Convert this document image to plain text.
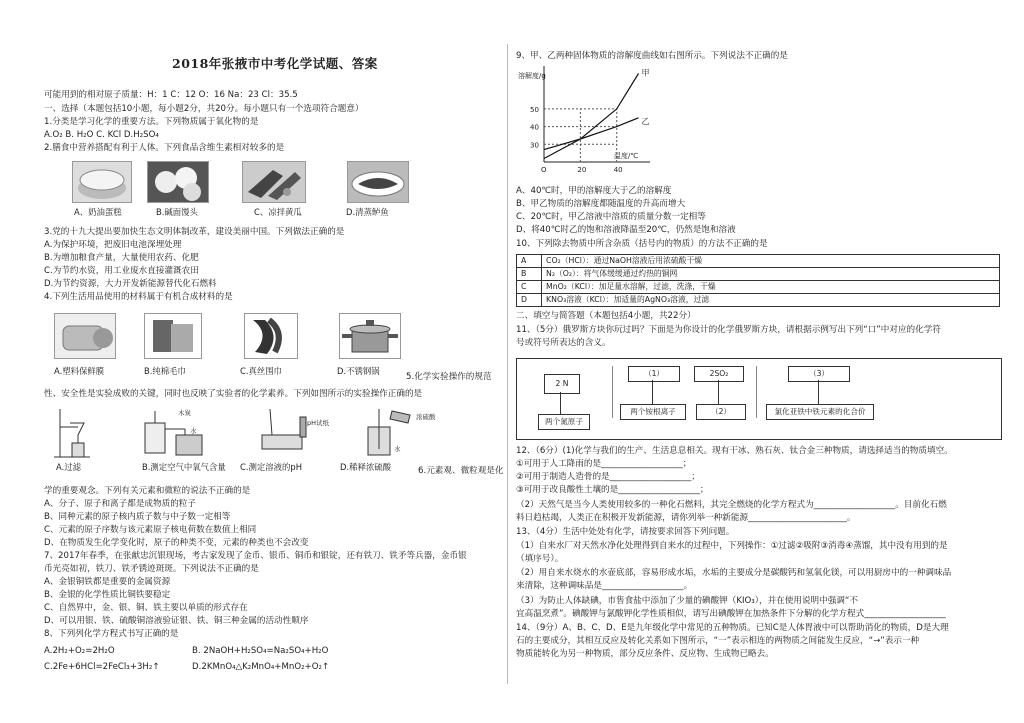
2018年张掖市中考化学试题、答案
可能用到的相对原子质量：H：1 C：12 O：16 Na：23 Cl：35.5
一、选择（本题包括10小题，每小题2分，共20分。每小题只有一个选项符合题意）
1.分类是学习化学的重要方法。下列物质属于氧化物的是
A.O₂ B. H₂O C. KCl D.H₂SO₄
2.膳食中营养搭配有利于人体。下列食品含维生素相对较多的是
A、奶油蛋糕	B.碱面馒头	C、凉拌黄瓜	D.清蒸鲈鱼
3.党的十九大提出要加快生态文明体制改革，建设美丽中国。下列做法正确的是
A.为保护环境，把废旧电池深埋处理
B.为增加粮食产量，大量使用农药、化肥
C.为节约水资，用工业废水直接灌溉农田
D.为节约资源，大力开发新能源替代化石燃料
4.下列生活用品使用的材料属于有机合成材料的是
A.塑料保鲜膜	B.纯棉毛巾	C.真丝围巾	D.不锈钢锅
5.化学实验操作的规范
性、安全性是实验成败的关键，同时也反映了实验者的化学素养。下列如图所示的实验操作正确的是
木炭
水
pH试纸
浓硫酸
水
A.过滤	B.测定空气中氧气含量 C.测定溶液的pH	D.稀释浓硫酸	6.元素观、微粒观是化
学的重要观念。下列有关元素和微粒的说法不正确的是
A、分子、原子和离子都是成物质的粒子
B、同种元素的原子核内质子数与中子数一定相等
C、元素的原子序数与该元素原子核电荷数在数值上相同
D、在物质发生化学变化时，原子的种类不变，元素的种类也不会改变
7、2017年春季，在张献忠沉银现场，考古家发现了金币、银币、铜币和银锭，还有铁刀、铁矛等兵器，金币银
币光亮如初，铁刀、铁矛锈迹斑斑。下列说法不正确的是
A、金银铜铁都是重要的金属资源
B、金银的化学性质比铜铁要稳定
C、自然界中，金、银、铜、铁主要以单质的形式存在
D、可以用银、铁、硫酸铜溶液验证银、铁、铜三种金属的活动性顺序
8、下列列化学方程式书写正确的是
A.2H₂+O₂=2H₂O	B. 2NaOH+H₂SO₄=Na₂SO₄+H₂O
C.2Fe+6HCl=2FeCl₃+3H₂↑	D.2KMnO₄△K₂MnO₄+MnO₂+O₂↑
9、甲、乙两种固体物质的溶解度曲线如右图所示。下列说法不正确的是
溶解度/g
温度/℃
O	20	40
30
40
50
甲
乙
A、40℃时，甲的溶解度大于乙的溶解度
B、甲乙物质的溶解度都随温度的升高而增大
C、20℃时，甲乙溶液中溶质的质量分数一定相等
D、将40℃时乙的饱和溶液降温至20℃，仍然是饱和溶液
10、下列除去物质中所含杂质（括号内的物质）的方法不正确的是
A	CO₂（HCl）：通过NaOH溶液后用浓硫酸干燥
B	N₂（O₂）：将气体缓缓通过灼热的铜网
C	MnO₂（KCl）：加足量水溶解，过滤，洗涤，干燥
D	KNO₃溶液（KCl）：加适量的AgNO₃溶液，过滤
二、填空与简答题（本题包括4小题，共22分）
11、（5分）俄罗斯方块你玩过吗？下面是为你设计的化学俄罗斯方块，请根据示例写出下列“口”中对应的化学符
号或符号所表达的含义。
2 N
（1）	2SO₂	（3）
两个氮原子
两个铵根离子	（2）	氯化亚铁中铁元素的化合价
12、（6分）(1)化学与我们的生产、生活息息相关。现有干冰、熟石灰、钛合金三种物质，请选择适当的物质填空。
①可用于人工降雨的是___________________；
②可用于制造人造骨的是___________________；
③可用于改良酸性土壤的是___________________；
（2）天然气是当今人类使用较多的一种化石燃料，其完全燃烧的化学方程式为___________________。目前化石燃
料日趋枯竭，人类正在积极开发新能源，请你列举一种新能源_______________________。
13、（4分）生活中处处有化学，请按要求回答下列问题。
（1）自来水厂对天然水净化处理得到自来水的过程中，下列操作：①过滤②吸附③消毒④蒸馏，其中没有用到的是
（填序号）。
（2）用自来水烧水的水壶底部，容易形成水垢，水垢的主要成分是碳酸钙和氢氧化镁，可以用厨房中的一种调味品
来清除，这种调味品是___________________。
（3）为防止人体缺碘，市售食盐中添加了少量的碘酸钾（KIO₃），并在使用说明中强调“不
宜高温烹煮”。碘酸钾与氯酸钾化学性质相似，请写出碘酸钾在加热条件下分解的化学方程式___________________
14、（9分）A、B、C、D、E是九年级化学中常见的五种物质。已知C是人体胃液中可以帮助消化的物质，D是大理
石的主要成分，其相互反应及转化关系如下图所示，“一”表示相连的两物质之间能发生反应，“→”表示一种
物质能转化为另一种物质，部分反应条件、反应物、生成物已略去。
